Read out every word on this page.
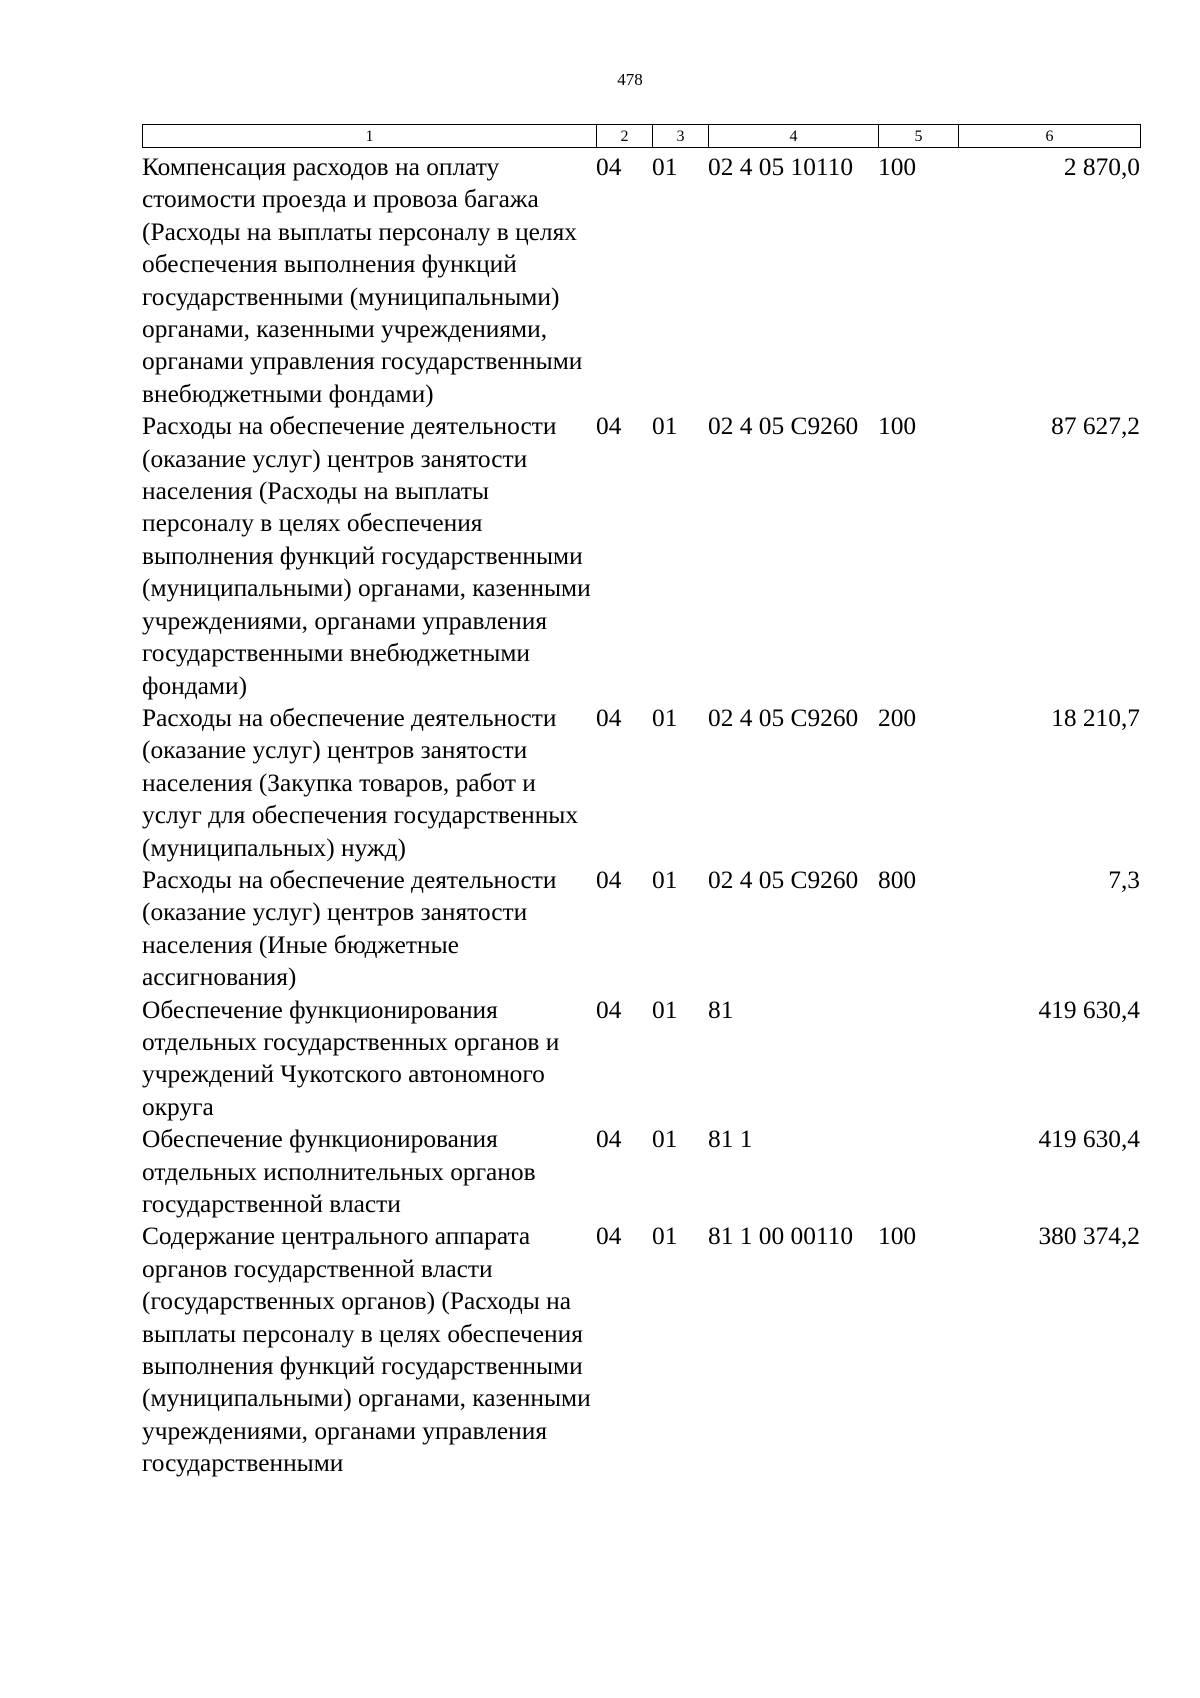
478
1	2	3	4	5	6
Компенсация расходов на оплату стоимости проезда и провоза багажа (Расходы на выплаты персоналу в целях обеспечения выполнения функций государственными (муниципальными) органами, казенными учреждениями, органами управления государственными внебюджетными фондами)
04	01	02 4 05 10110 100	2 870,0
Расходы на обеспечение деятельности (оказание услуг) центров занятости населения (Расходы на выплаты персоналу в целях обеспечения выполнения функций государственными (муниципальными) органами, казенными учреждениями, органами управления государственными внебюджетными фондами)
04	01	02 4 05 С9260 100	87 627,2
Расходы на обеспечение деятельности (оказание услуг) центров занятости населения (Закупка товаров, работ и услуг для обеспечения государственных (муниципальных) нужд)
04	01	02 4 05 С9260 200	18 210,7
Расходы на обеспечение деятельности (оказание услуг) центров занятости населения (Иные бюджетные ассигнования)
04	01	02 4 05 С9260 800	7,3
Обеспечение функционирования отдельных государственных органов и учреждений Чукотского автономного округа
04	01	81	419 630,4
Обеспечение функционирования отдельных исполнительных органов государственной власти
04	01	81 1	419 630,4
Содержание центрального аппарата органов государственной власти (государственных органов) (Расходы на выплаты персоналу в целях обеспечения выполнения функций государственными (муниципальными) органами, казенными учреждениями, органами управления государственными
04	01	81 1 00 00110 100	380 374,2
